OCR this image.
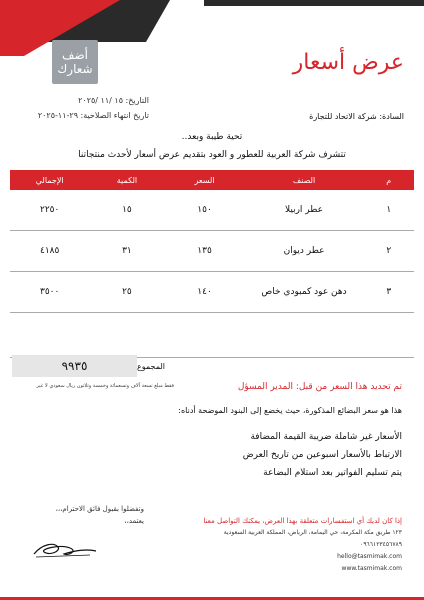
أضف
شعارك	عرض أسعار
التاريخ: ١٥ /١١ /٢٠٢٥
تاريخ انتهاء الصلاحية: ٢٩-١١-٢٠٢٥	السادة: شركة الاتحاد للتجارة
تحية طيبة وبعد..
تتشرف شركة العربية للعطور و العود بتقديم عرض أسعار لأحدث منتجاتنا
م	الصنف	السعر	الكمية	الإجمالي
١	عطر اربيلا	١٥٠	١٥	٢٢٥٠
٢	عطر ديوان	١٣٥	٣١	٤١٨٥
٣	دهن عود كمبودي خاص	١٤٠	٢٥	٣٥٠٠

المجموع
٩٩٣٥
فقط مبلغ تسعة آلاف وتسعمائة وخمسة وثلاثون ريال سعودي لا غير	تم تحديد هذا السعر من قبل: المدير المسؤل
هذا هو سعر البضائع المذكورة، حيث يخضع إلى البنود الموضحة أدناه:
الأسعار غير شاملة ضريبة القيمة المضافة
الارتباط بالأسعار اسبوعين من تاريخ العرض
يتم تسليم الفواتير بعد استلام البضاعة
وتفضلوا بقبول فائق الاحترام،،،
يعتمد،،	إذا كان لديك أي استفسارات متعلقة بهذا العرض، يمكنك التواصل معنا
١٢٣ طريق مكة المكرمة، حي اليمامة، الرياض، المملكة العربية السعودية
٠٩٦٦١٢٣٤٥٦٧٨٩
hello@tasmimak.com
www.tasmimak.com
